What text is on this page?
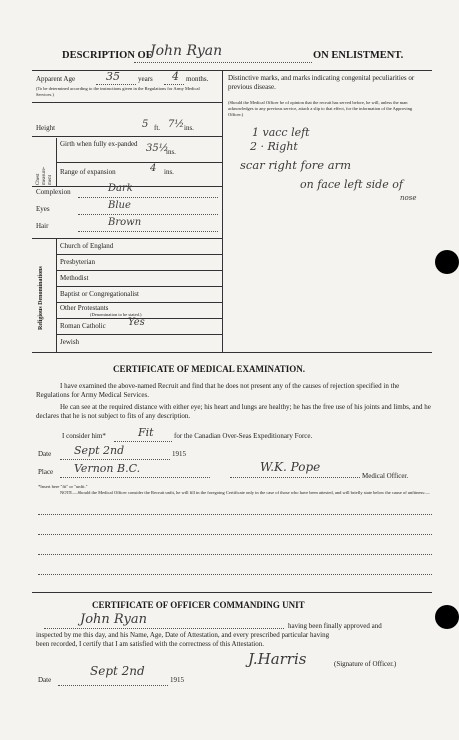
DESCRIPTION OF
John Ryan	ON ENLISTMENT.
Apparent Age	35	years 4 months.
(To be determined according to the instructions given in the Regulations for Army Medical Services.)
Height	5 ft. 7½ ins.
Chest measure-ment
Girth when fully ex-panded 35½
ins.
Range of expansion	4 ins.
Complexion	Dark
Eyes	Blue
Hair	Brown
Religious Denominations
Church of England
Presbyterian
Methodist
Baptist or Congregationalist
Other Protestants
(Denomination to be stated.)
Roman Catholic Yes
Jewish
Distinctive marks, and marks indicating congenital peculiarities or previous disease.
(Should the Medical Officer be of opinion that the recruit has served before, he will, unless the man acknowledges to any previous service, attach a slip to that effect, for the information of the Approving Officer.)
1 vacc left
2 · Right
scar right fore arm
on face left side of
nose
CERTIFICATE OF MEDICAL EXAMINATION.
I have examined the above-named Recruit and find that he does not present any of the causes of rejection specified in the Regulations for Army Medical Services.
He can see at the required distance with either eye; his heart and lungs are healthy; he has the free use of his joints and limbs, and he declares that he is not subject to fits of any description.
I consider him*	Fit	for the Canadian Over-Seas Expeditionary Force.
Date Sept 2nd	1915
Place Vernon B.C.	W.K. Pope
Medical Officer.
*Insert here "fit" or "unfit."
NOTE.—Should the Medical Officer consider the Recruit unfit, he will fill in the foregoing Certificate only in the case of those who have been attested, and will briefly state below the cause of unfitness:—
CERTIFICATE OF OFFICER COMMANDING UNIT
John Ryan	having been finally approved and
inspected by me this day, and his Name, Age, Date of Attestation, and every prescribed particular having
been recorded, I certify that I am satisfied with the correctness of this Attestation.
J.Harris	(Signature of Officer.)
Date
Sept 2nd
1915
